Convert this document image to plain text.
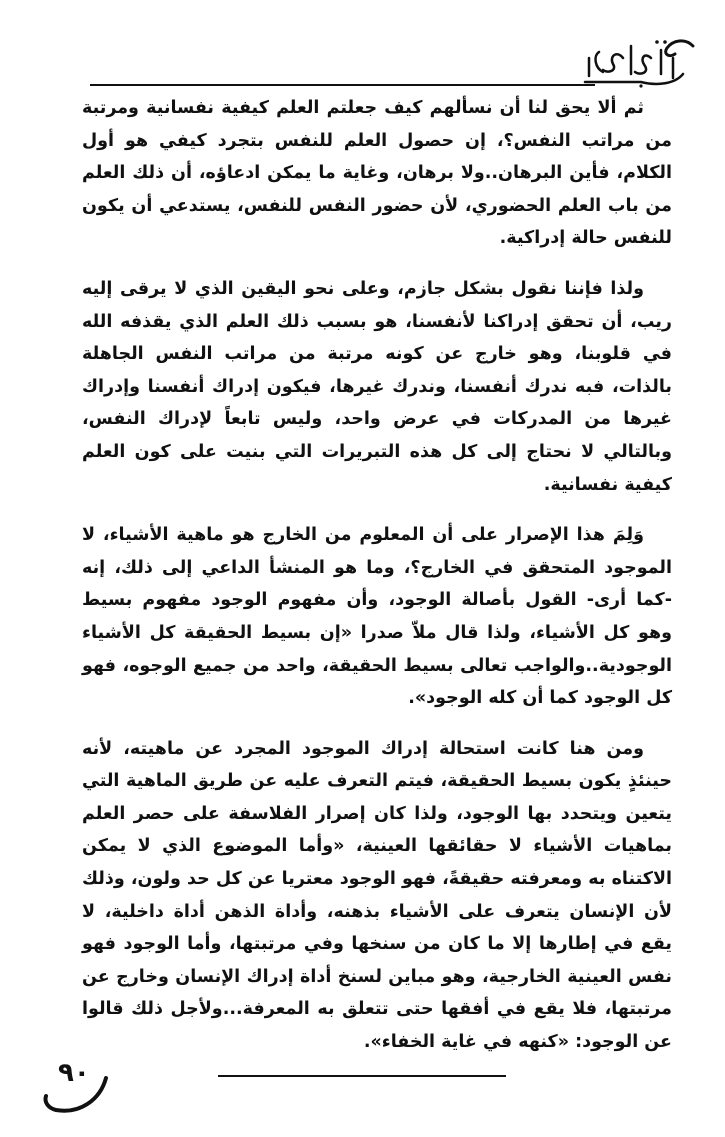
ثم ألا يحق لنا أن نسألهم كيف جعلتم العلم كيفية نفسانية ومرتبة من مراتب النفس؟، إن حصول العلم للنفس بتجرد كيفي هو أول الكلام، فأين البرهان..ولا برهان، وغاية ما يمكن ادعاؤه، أن ذلك العلم من باب العلم الحضوري، لأن حضور النفس للنفس، يستدعي أن يكون للنفس حالة إدراكية.

ولذا فإننا نقول بشكل جازم، وعلى نحو اليقين الذي لا يرقى إليه ريب، أن تحقق إدراكنا لأنفسنا، هو بسبب ذلك العلم الذي يقذفه الله في قلوبنا، وهو خارج عن كونه مرتبة من مراتب النفس الجاهلة بالذات، فبه ندرك أنفسنا، وندرك غيرها، فيكون إدراك أنفسنا وإدراك غيرها من المدركات في عرض واحد، وليس تابعاً لإدراك النفس، وبالتالي لا نحتاج إلى كل هذه التبريرات التي بنيت على كون العلم كيفية نفسانية.

وَلِمَ هذا الإصرار على أن المعلوم من الخارج هو ماهية الأشياء، لا الموجود المتحقق في الخارج؟، وما هو المنشأ الداعي إلى ذلك، إنه -كما أرى- القول بأصالة الوجود، وأن مفهوم الوجود مفهوم بسيط وهو كل الأشياء، ولذا قال ملاّ صدرا «إن بسيط الحقيقة كل الأشياء الوجودية..والواجب تعالى بسيط الحقيقة، واحد من جميع الوجوه، فهو كل الوجود كما أن كله الوجود».

ومن هنا كانت استحالة إدراك الموجود المجرد عن ماهيته، لأنه حينئذٍ يكون بسيط الحقيقة، فيتم التعرف عليه عن طريق الماهية التي يتعين ويتحدد بها الوجود، ولذا كان إصرار الفلاسفة على حصر العلم بماهيات الأشياء لا حقائقها العينية، «وأما الموضوع الذي لا يمكن الاكتناه به ومعرفته حقيقةً، فهو الوجود معتريا عن كل حد ولون، وذلك لأن الإنسان يتعرف على الأشياء بذهنه، وأداة الذهن أداة داخلية، لا يقع في إطارها إلا ما كان من سنخها وفي مرتبتها، وأما الوجود فهو نفس العينية الخارجية، وهو مباين لسنخ أداة إدراك الإنسان وخارج عن مرتبتها، فلا يقع في أفقها حتى تتعلق به المعرفة...ولأجل ذلك قالوا عن الوجود: «كنهه في غاية الخفاء».

٩٠
